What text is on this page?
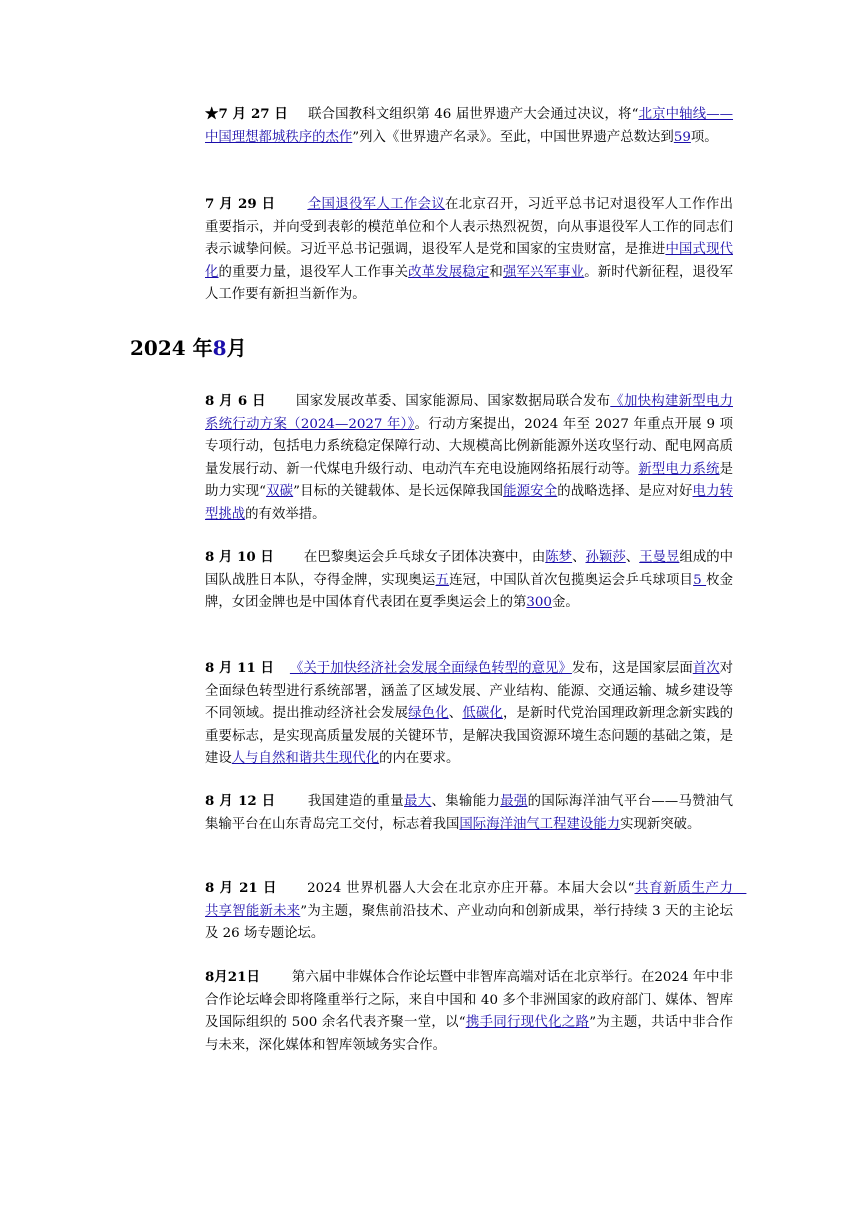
★7 月 27 日 联合国教科文组织第 46 届世界遗产大会通过决议，将“北京中轴线——中国理想都城秩序的杰作”列入《世界遗产名录》。至此，中国世界遗产总数达到59项。
7 月 29 日 全国退役军人工作会议在北京召开，习近平总书记对退役军人工作作出重要指示，并向受到表彰的模范单位和个人表示热烈祝贺，向从事退役军人工作的同志们表示诚挚问候。习近平总书记强调，退役军人是党和国家的宝贵财富，是推进中国式现代化的重要力量，退役军人工作事关改革发展稳定和强军兴军事业。新时代新征程，退役军人工作要有新担当新作为。
2024 年8月
8 月 6 日 国家发展改革委、国家能源局、国家数据局联合发布《加快构建新型电力系统行动方案（2024—2027 年）》。行动方案提出，2024 年至 2027 年重点开展 9 项专项行动，包括电力系统稳定保障行动、大规模高比例新能源外送攻坚行动、配电网高质量发展行动、新一代煤电升级行动、电动汽车充电设施网络拓展行动等。新型电力系统是助力实现“双碳”目标的关键载体、是长远保障我国能源安全的战略选择、是应对好电力转型挑战的有效举措。
8 月 10 日 在巴黎奥运会乒乓球女子团体决赛中，由陈梦、孙颖莎、王曼昱组成的中国队战胜日本队，夺得金牌，实现奥运五连冠，中国队首次包揽奥运会乒乓球项目5 枚金牌，女团金牌也是中国体育代表团在夏季奥运会上的第300金。
8 月 11 日 《关于加快经济社会发展全面绿色转型的意见》发布，这是国家层面首次对全面绿色转型进行系统部署，涵盖了区域发展、产业结构、能源、交通运输、城乡建设等不同领域。提出推动经济社会发展绿色化、低碳化，是新时代党治国理政新理念新实践的重要标志，是实现高质量发展的关键环节，是解决我国资源环境生态问题的基础之策，是建设人与自然和谐共生现代化的内在要求。
8 月 12 日 我国建造的重量最大、集输能力最强的国际海洋油气平台——马赞油气集输平台在山东青岛完工交付，标志着我国国际海洋油气工程建设能力实现新突破。
8 月 21 日 2024 世界机器人大会在北京亦庄开幕。本届大会以“共育新质生产力　共享智能新未来”为主题，聚焦前沿技术、产业动向和创新成果，举行持续 3 天的主论坛及 26 场专题论坛。
8月21日 第六届中非媒体合作论坛暨中非智库高端对话在北京举行。在2024 年中非合作论坛峰会即将隆重举行之际，来自中国和 40 多个非洲国家的政府部门、媒体、智库及国际组织的 500 余名代表齐聚一堂，以“携手同行现代化之路”为主题，共话中非合作与未来，深化媒体和智库领域务实合作。
